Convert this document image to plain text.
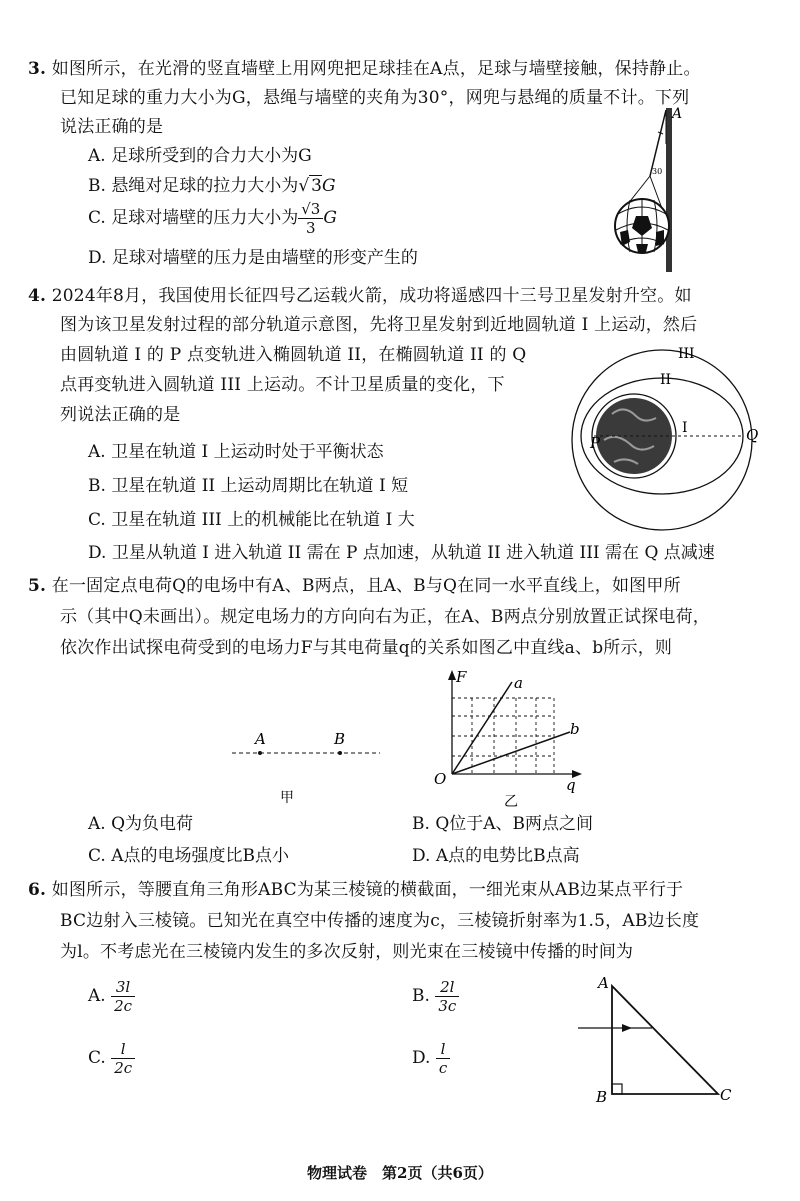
3. 如图所示，在光滑的竖直墙壁上用网兜把足球挂在A点，足球与墙壁接触，保持静止。
已知足球的重力大小为G，悬绳与墙壁的夹角为30°，网兜与悬绳的质量不计。下列
说法正确的是
A. 足球所受到的合力大小为G
B. 悬绳对足球的拉力大小为√ 3G
C. 足球对墙壁的压力大小为 $\frac{√3}{3}$ G
D. 足球对墙壁的压力是由墙壁的形变产生的
A
30
4. 2024年8月，我国使用长征四号乙运载火箭，成功将遥感四十三号卫星发射升空。如
图为该卫星发射过程的部分轨道示意图，先将卫星发射到近地圆轨道 I 上运动，然后
由圆轨道 I 的 P 点变轨进入椭圆轨道 II，在椭圆轨道 II 的 Q
点再变轨进入圆轨道 III 上运动。不计卫星质量的变化，下
列说法正确的是
A. 卫星在轨道 I 上运动时处于平衡状态
B. 卫星在轨道 II 上运动周期比在轨道 I 短
C. 卫星在轨道 III 上的机械能比在轨道 I 大
D. 卫星从轨道 I 进入轨道 II 需在 P 点加速，从轨道 II 进入轨道 III 需在 Q 点减速
III
II
I
P	Q
5. 在一固定点电荷Q的电场中有A、B两点，且A、B与Q在同一水平直线上，如图甲所
示（其中Q未画出）。规定电场力的方向向右为正，在A、B两点分别放置正试探电荷，
依次作出试探电荷受到的电场力F与其电荷量q的关系如图乙中直线a、b所示，则
A	B
甲
F
q
O
a
b
乙
A. Q为负电荷	B. Q位于A、B两点之间
C. A点的电场强度比B点小	D. A点的电势比B点高
6. 如图所示，等腰直角三角形ABC为某三棱镜的横截面，一细光束从AB边某点平行于
BC边射入三棱镜。已知光在真空中传播的速度为c，三棱镜折射率为1.5，AB边长度
为l。不考虑光在三棱镜内发生的多次反射，则光束在三棱镜中传播的时间为
A. $\frac{3l}{2c}$	B. $\frac{2l}{3c}$
C. $\frac{l}{2c}$	D. $\frac{l}{c}$
A
B	C
物理试卷　第2页（共6页）
